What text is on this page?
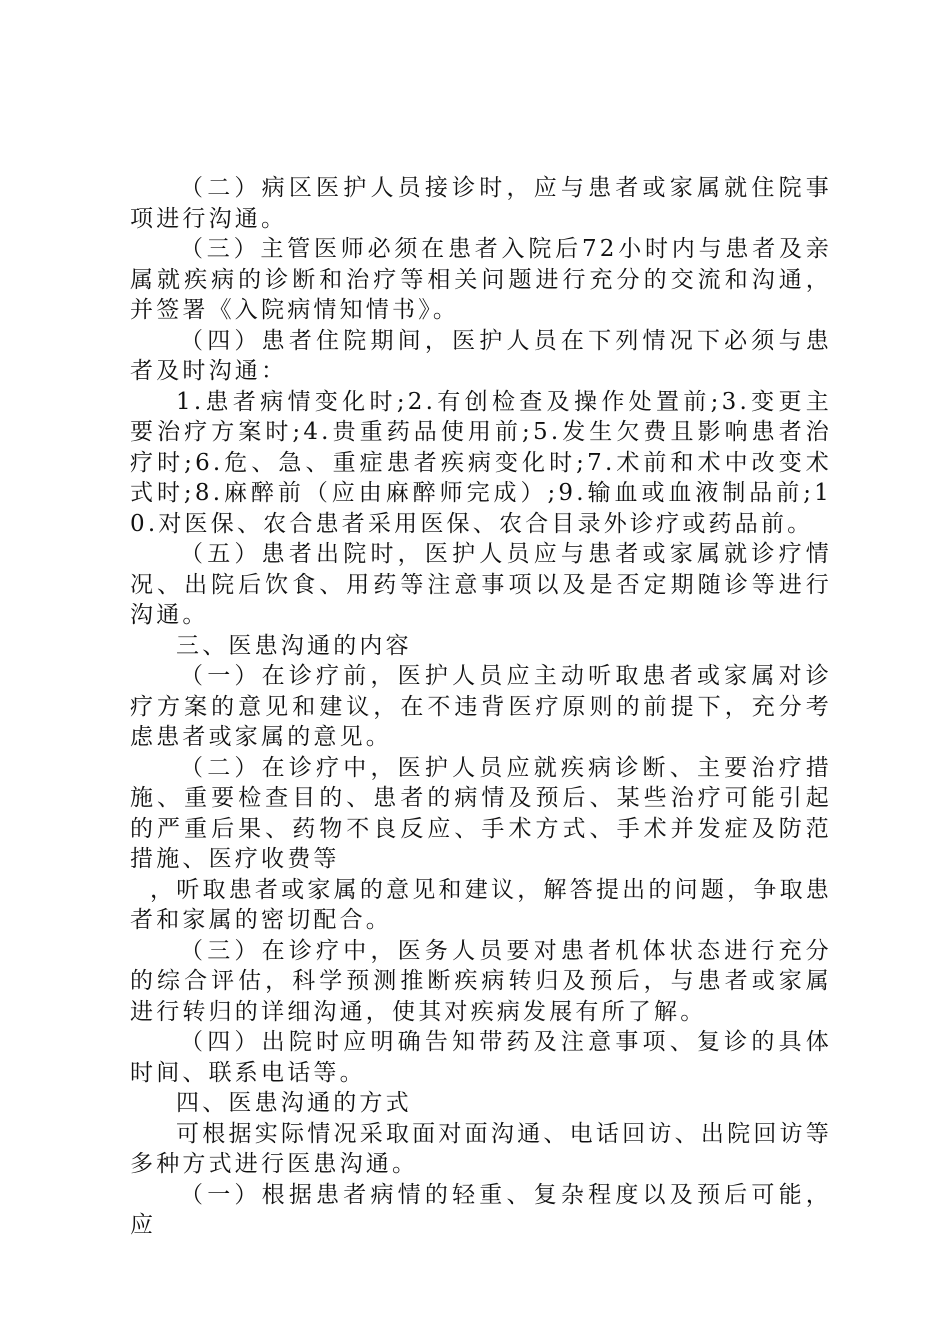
（二）病区医护人员接诊时，应与患者或家属就住院事项进行沟通。

（三）主管医师必须在患者入院后72小时内与患者及亲属就疾病的诊断和治疗等相关问题进行充分的交流和沟通，并签署《入院病情知情书》。

（四）患者住院期间，医护人员在下列情况下必须与患者及时沟通：

1.患者病情变化时;2.有创检查及操作处置前;3.变更主要治疗方案时;4.贵重药品使用前;5.发生欠费且影响患者治疗时;6.危、急、重症患者疾病变化时;7.术前和术中改变术式时;8.麻醉前（应由麻醉师完成）;9.输血或血液制品前;10.对医保、农合患者采用医保、农合目录外诊疗或药品前。

（五）患者出院时，医护人员应与患者或家属就诊疗情况、出院后饮食、用药等注意事项以及是否定期随诊等进行沟通。

三、医患沟通的内容

（一）在诊疗前，医护人员应主动听取患者或家属对诊疗方案的意见和建议，在不违背医疗原则的前提下，充分考虑患者或家属的意见。

（二）在诊疗中，医护人员应就疾病诊断、主要治疗措施、重要检查目的、患者的病情及预后、某些治疗可能引起的严重后果、药物不良反应、手术方式、手术并发症及防范措施、医疗收费等

，听取患者或家属的意见和建议，解答提出的问题，争取患者和家属的密切配合。

（三）在诊疗中，医务人员要对患者机体状态进行充分的综合评估，科学预测推断疾病转归及预后，与患者或家属进行转归的详细沟通，使其对疾病发展有所了解。

（四）出院时应明确告知带药及注意事项、复诊的具体时间、联系电话等。

四、医患沟通的方式

可根据实际情况采取面对面沟通、电话回访、出院回访等多种方式进行医患沟通。

（一）根据患者病情的轻重、复杂程度以及预后可能，应
